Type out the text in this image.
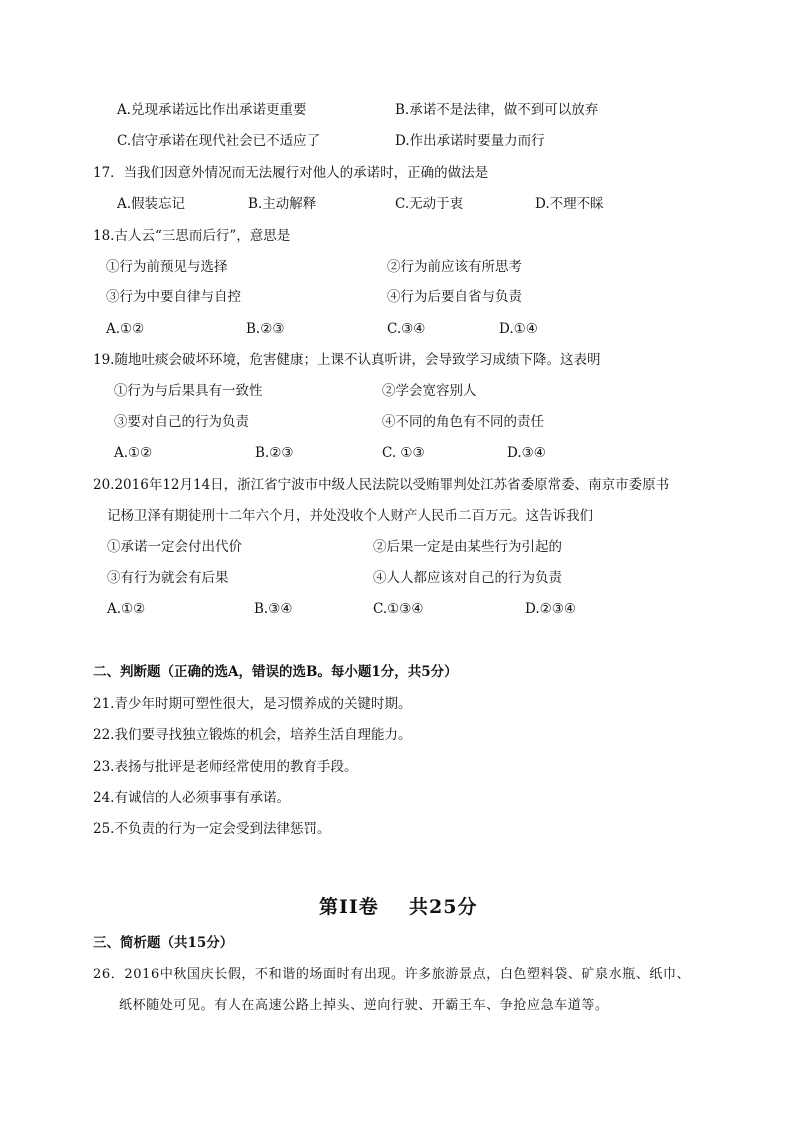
A.兑现承诺远比作出承诺更重要	B.承诺不是法律，做不到可以放弃
C.信守承诺在现代社会已不适应了	D.作出承诺时要量力而行
17．当我们因意外情况而无法履行对他人的承诺时，正确的做法是
A.假装忘记	B.主动解释	C.无动于衷	D.不理不睬
18.古人云“三思而后行”，意思是
①行为前预见与选择	②行为前应该有所思考
③行为中要自律与自控	④行为后要自省与负责
A.①②	B.②③	C.③④	D.①④
19.随地吐痰会破坏环境，危害健康；上课不认真听讲，会导致学习成绩下降。这表明
①行为与后果具有一致性	②学会宽容别人
③要对自己的行为负责	④不同的角色有不同的责任
A.①②	B.②③	C. ①③	D.③④
20.2016年12月14日，浙江省宁波市中级人民法院以受贿罪判处江苏省委原常委、南京市委原书
记杨卫泽有期徒刑十二年六个月，并处没收个人财产人民币二百万元。这告诉我们
①承诺一定会付出代价	②后果一定是由某些行为引起的
③有行为就会有后果	④人人都应该对自己的行为负责
A.①②	B.③④	C.①③④	D.②③④
二、判断题（正确的选A，错误的选B。每小题1分，共5分）
21.青少年时期可塑性很大，是习惯养成的关键时期。
22.我们要寻找独立锻炼的机会，培养生活自理能力。
23.表扬与批评是老师经常使用的教育手段。
24.有诚信的人必须事事有承诺。
25.不负责的行为一定会受到法律惩罚。
第II卷 共25分
三、简析题（共15分）
26．2016中秋国庆长假，不和谐的场面时有出现。许多旅游景点，白色塑料袋、矿泉水瓶、纸巾、
纸杯随处可见。有人在高速公路上掉头、逆向行驶、开霸王车、争抢应急车道等。
